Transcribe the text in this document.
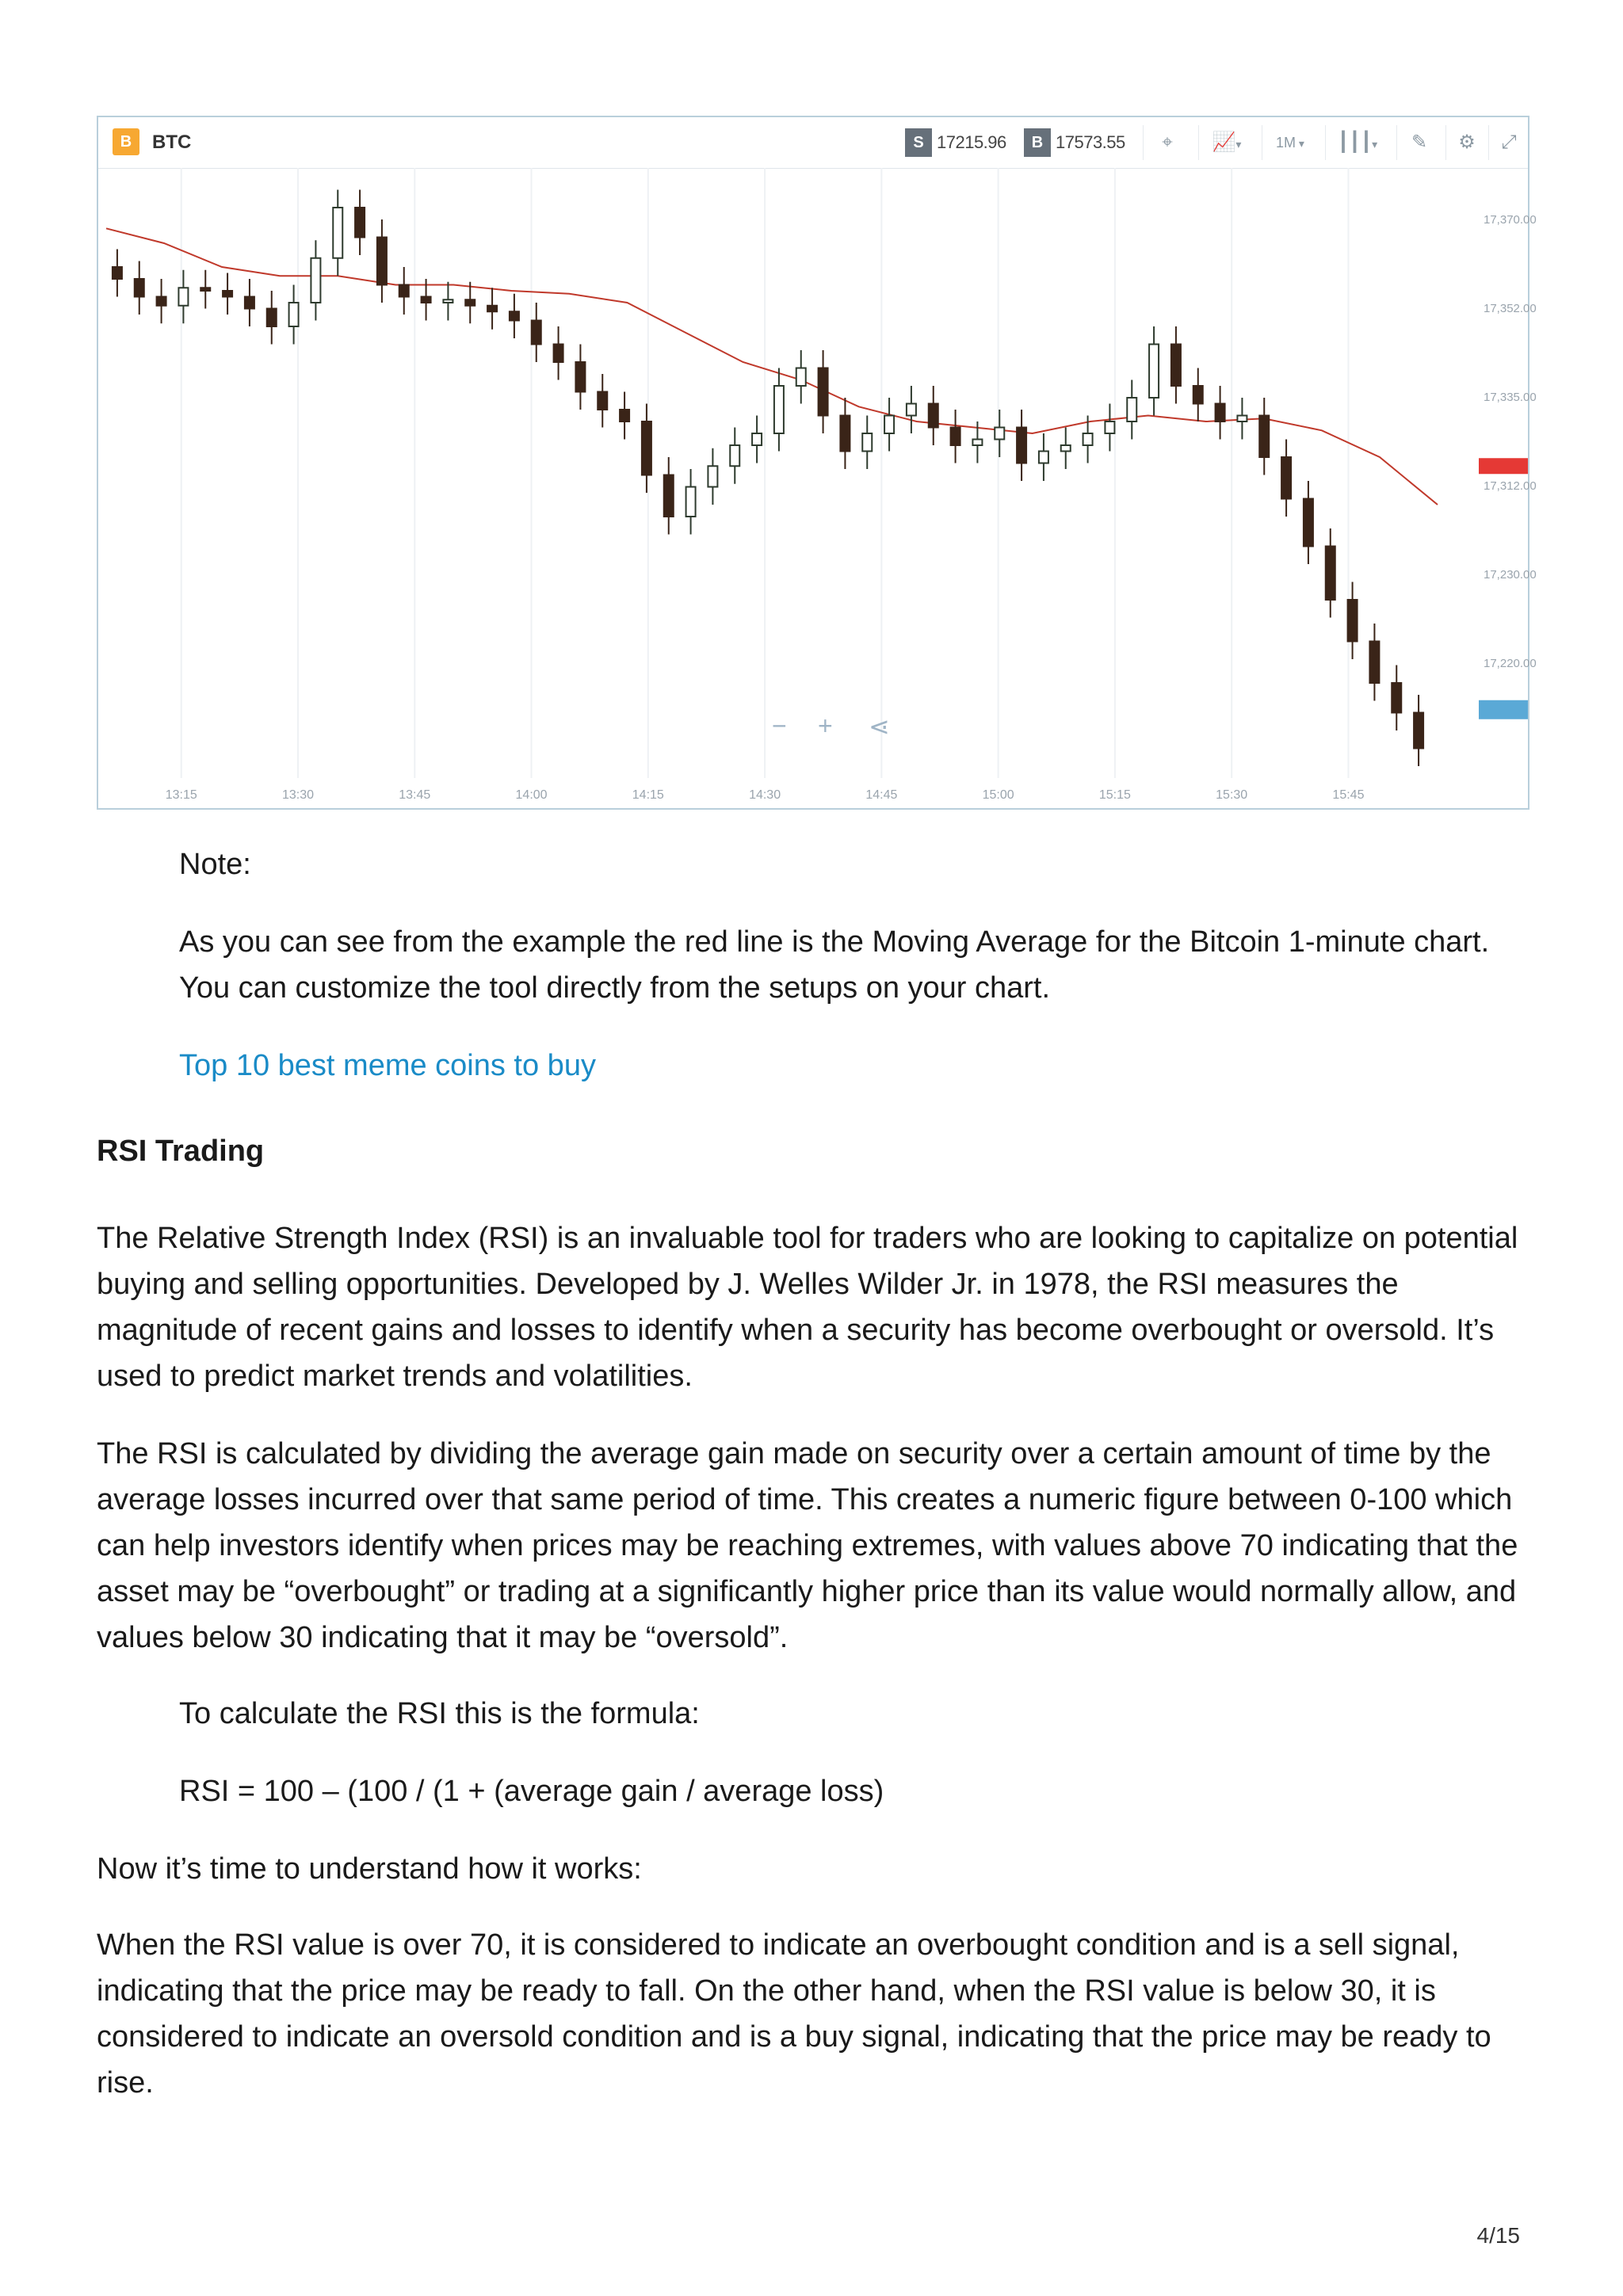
B	BTC	S 17215.96	B 17573.55	⌖	📈▾	1M ▾	┃┃┃▾	✎	⚙	⤢
17,370.00
17,352.00
17,335.00
17,312.00
17,230.00
17,220.00
13:15	13:30	13:45	14:00	14:15	14:30	14:45	15:00	15:15	15:30	15:45
− + ⋖

Note:

As you can see from the example the red line is the Moving Average for the Bitcoin 1-minute chart. You can customize the tool directly from the setups on your chart.

Top 10 best meme coins to buy

RSI Trading

The Relative Strength Index (RSI) is an invaluable tool for traders who are looking to capitalize on potential buying and selling opportunities. Developed by J. Welles Wilder Jr. in 1978, the RSI measures the magnitude of recent gains and losses to identify when a security has become overbought or oversold. It’s used to predict market trends and volatilities.

The RSI is calculated by dividing the average gain made on security over a certain amount of time by the average losses incurred over that same period of time. This creates a numeric figure between 0-100 which can help investors identify when prices may be reaching extremes, with values above 70 indicating that the asset may be “overbought” or trading at a significantly higher price than its value would normally allow, and values below 30 indicating that it may be “oversold”.

To calculate the RSI this is the formula:

RSI = 100 – (100 / (1 + (average gain / average loss)

Now it’s time to understand how it works:

When the RSI value is over 70, it is considered to indicate an overbought condition and is a sell signal, indicating that the price may be ready to fall. On the other hand, when the RSI value is below 30, it is considered to indicate an oversold condition and is a buy signal, indicating that the price may be ready to rise.

4/15
